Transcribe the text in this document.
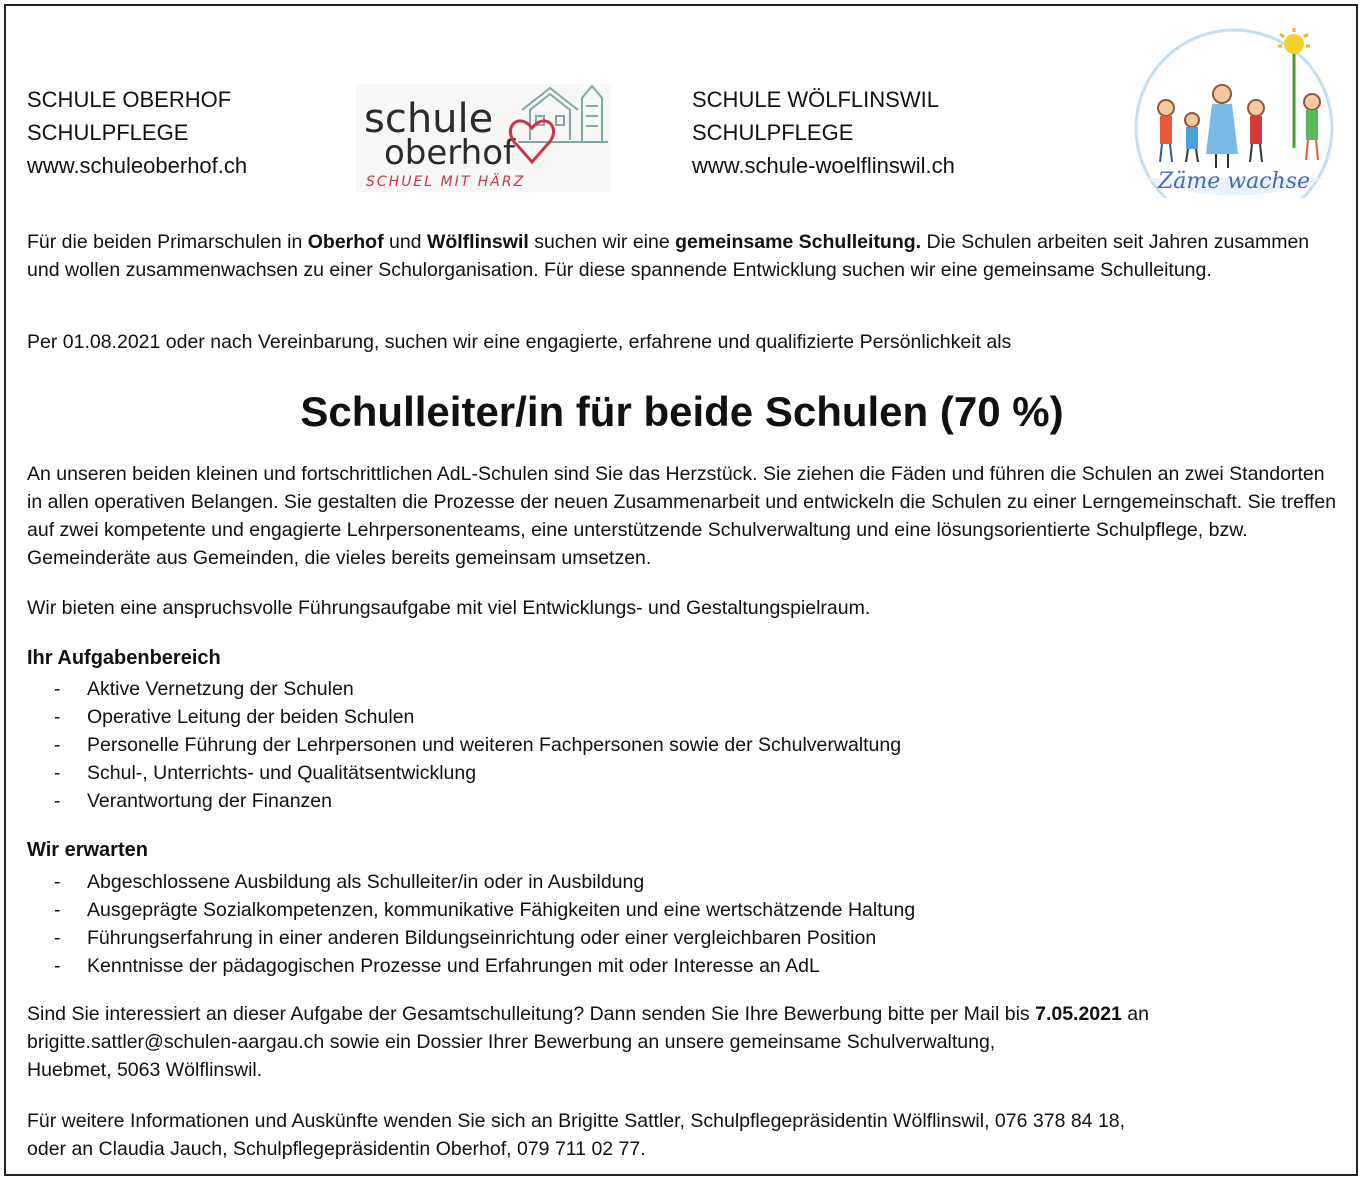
SCHULE OBERHOF
SCHULPFLEGE
www.schuleoberhof.ch
schule
oberhof
SCHUEL MIT HÄRZ
SCHULE WÖLFLINSWIL
SCHULPFLEGE
www.schule-woelflinswil.ch
Zäme wachse
Für die beiden Primarschulen in Oberhof und Wölflinswil suchen wir eine gemeinsame Schulleitung. Die Schulen arbeiten seit Jahren zusammen und wollen zusammenwachsen zu einer Schulorganisation. Für diese spannende Entwicklung suchen wir eine gemeinsame Schulleitung.
Per 01.08.2021 oder nach Vereinbarung, suchen wir eine engagierte, erfahrene und qualifizierte Persönlichkeit als
Schulleiter/in für beide Schulen (70 %)
An unseren beiden kleinen und fortschrittlichen AdL-Schulen sind Sie das Herzstück. Sie ziehen die Fäden und führen die Schulen an zwei Standorten in allen operativen Belangen. Sie gestalten die Prozesse der neuen Zusammenarbeit und entwickeln die Schulen zu einer Lerngemeinschaft. Sie treffen auf zwei kompetente und engagierte Lehrpersonenteams, eine unterstützende Schulverwaltung und eine lösungsorientierte Schulpflege, bzw. Gemeinderäte aus Gemeinden, die vieles bereits gemeinsam umsetzen.
Wir bieten eine anspruchsvolle Führungsaufgabe mit viel Entwicklungs- und Gestaltungspielraum.
Ihr Aufgabenbereich
- Aktive Vernetzung der Schulen
- Operative Leitung der beiden Schulen
- Personelle Führung der Lehrpersonen und weiteren Fachpersonen sowie der Schulverwaltung
- Schul-, Unterrichts- und Qualitätsentwicklung
- Verantwortung der Finanzen
Wir erwarten
- Abgeschlossene Ausbildung als Schulleiter/in oder in Ausbildung
- Ausgeprägte Sozialkompetenzen, kommunikative Fähigkeiten und eine wertschätzende Haltung
- Führungserfahrung in einer anderen Bildungseinrichtung oder einer vergleichbaren Position
- Kenntnisse der pädagogischen Prozesse und Erfahrungen mit oder Interesse an AdL
Sind Sie interessiert an dieser Aufgabe der Gesamtschulleitung? Dann senden Sie Ihre Bewerbung bitte per Mail bis 7.05.2021 an
brigitte.sattler@schulen-aargau.ch sowie ein Dossier Ihrer Bewerbung an unsere gemeinsame Schulverwaltung,
Huebmet, 5063 Wölflinswil.
Für weitere Informationen und Auskünfte wenden Sie sich an Brigitte Sattler, Schulpflegepräsidentin Wölflinswil, 076 378 84 18,
oder an Claudia Jauch, Schulpflegepräsidentin Oberhof, 079 711 02 77.
